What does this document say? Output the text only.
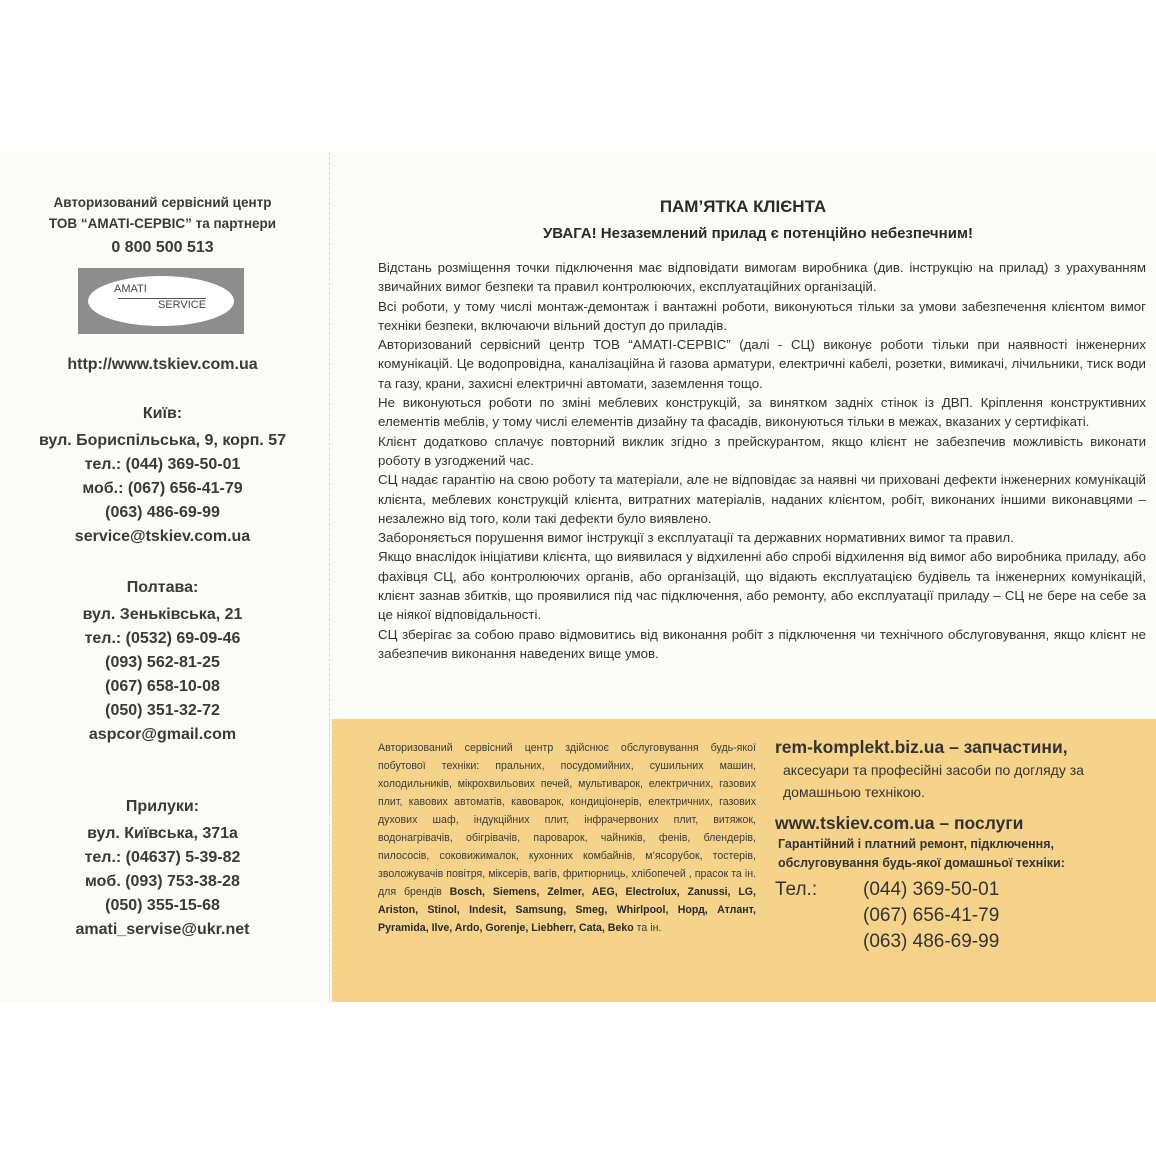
Авторизований сервісний центр
ТОВ “АМАТІ-СЕРВІС” та партнери
0 800 500 513
AMATI
SERVICE
http://www.tskiev.com.ua
Київ:
вул. Бориспільська, 9, корп. 57
тел.: (044) 369-50-01
моб.: (067) 656-41-79
(063) 486-69-99
service@tskiev.com.ua
Полтава:
вул. Зеньківська, 21
тел.: (0532) 69-09-46
(093) 562-81-25
(067) 658-10-08
(050) 351-32-72
aspcor@gmail.com
Прилуки:
вул. Київська, 371а
тел.: (04637) 5-39-82
моб. (093) 753-38-28
(050) 355-15-68
amati_servise@ukr.net
ПАМ’ЯТКА КЛІЄНТА
УВАГА! Незаземлений прилад є потенційно небезпечним!

Відстань розміщення точки підключення має відповідати вимогам виробника (див. інструкцію на прилад) з урахуванням звичайних вимог безпеки та правил контролюючих, експлуатаційних організацій.

Всі роботи, у тому числі монтаж-демонтаж і вантажні роботи, виконуються тільки за умови забезпечення клієнтом вимог техніки безпеки, включаючи вільний доступ до приладів.

Авторизований сервісний центр ТОВ “АМАТІ-СЕРВІС” (далі - СЦ) виконує роботи тільки при наявності інженерних комунікацій. Це водопровідна, каналізаційна й газова арматури, електричні кабелі, розетки, вимикачі, лічильники, тиск води та газу, крани, захисні електричні автомати, заземлення тощо.

Не виконуються роботи по зміні меблевих конструкцій, за винятком задніх стінок із ДВП. Кріплення конструктивних елементів меблів, у тому числі елементів дизайну та фасадів, виконуються тільки в межах, вказаних у сертифікаті.

Клієнт додатково сплачує повторний виклик згідно з прейскурантом, якщо клієнт не забезпечив можливість виконати роботу в узгоджений час.

СЦ надає гарантію на свою роботу та матеріали, але не відповідає за наявні чи приховані дефекти інженерних комунікацій клієнта, меблевих конструкцій клієнта, витратних матеріалів, наданих клієнтом, робіт, виконаних іншими виконавцями – незалежно від того, коли такі дефекти було виявлено.

Забороняється порушення вимог інструкції з експлуатації та державних нормативних вимог та правил.

Якщо внаслідок ініціативи клієнта, що виявилася у відхиленні або спробі відхилення від вимог або виробника приладу, або фахівця СЦ, або контролюючих органів, або організацій, що відають експлуатацією будівель та інженерних комунікацій, клієнт зазнав збитків, що проявилися під час підключення, або ремонту, або експлуатації приладу – СЦ не бере на себе за це ніякої відповідальності.

СЦ зберігає за собою право відмовитись від виконання робіт з підключення чи технічного обслуговування, якщо клієнт не забезпечив виконання наведених вище умов.

Авторизований сервісний центр здійснює обслуговування будь-якої побутової техніки: пральних, посудомийних, сушильних машин, холодильників, мікрохвильових печей, мультиварок, електричних, газових плит, кавових автоматів, кавоварок, кондиціонерів, електричних, газових духових шаф, індукційних плит, інфрачервоних плит, витяжок, водонагрівачів, обігрівачів, пароварок, чайників, фенів, блендерів, пилососів, соковижималок, кухонних комбайнів, м’ясорубок, тостерів, зволожувачів повітря, міксерів, вагів, фритюрниць, хлібопечей , прасок та ін. для брендів Bosch, Siemens, Zelmer, AEG, Electrolux, Zanussi, LG, Ariston, Stinol, Indesit, Samsung, Smeg, Whirlpool, Норд, Атлант, Pyramida, Ilve, Ardo, Gorenje, Liebherr, Cata, Beko та ін.
rem-komplekt.biz.ua – запчастини,
аксесуари та професійні засоби по догляду за домашньою технікою.
www.tskiev.com.ua – послуги
Гарантійний і платний ремонт, підключення, обслуговування будь-якої домашньої техніки:
Тел.: (044) 369-50-01
(067) 656-41-79
(063) 486-69-99
